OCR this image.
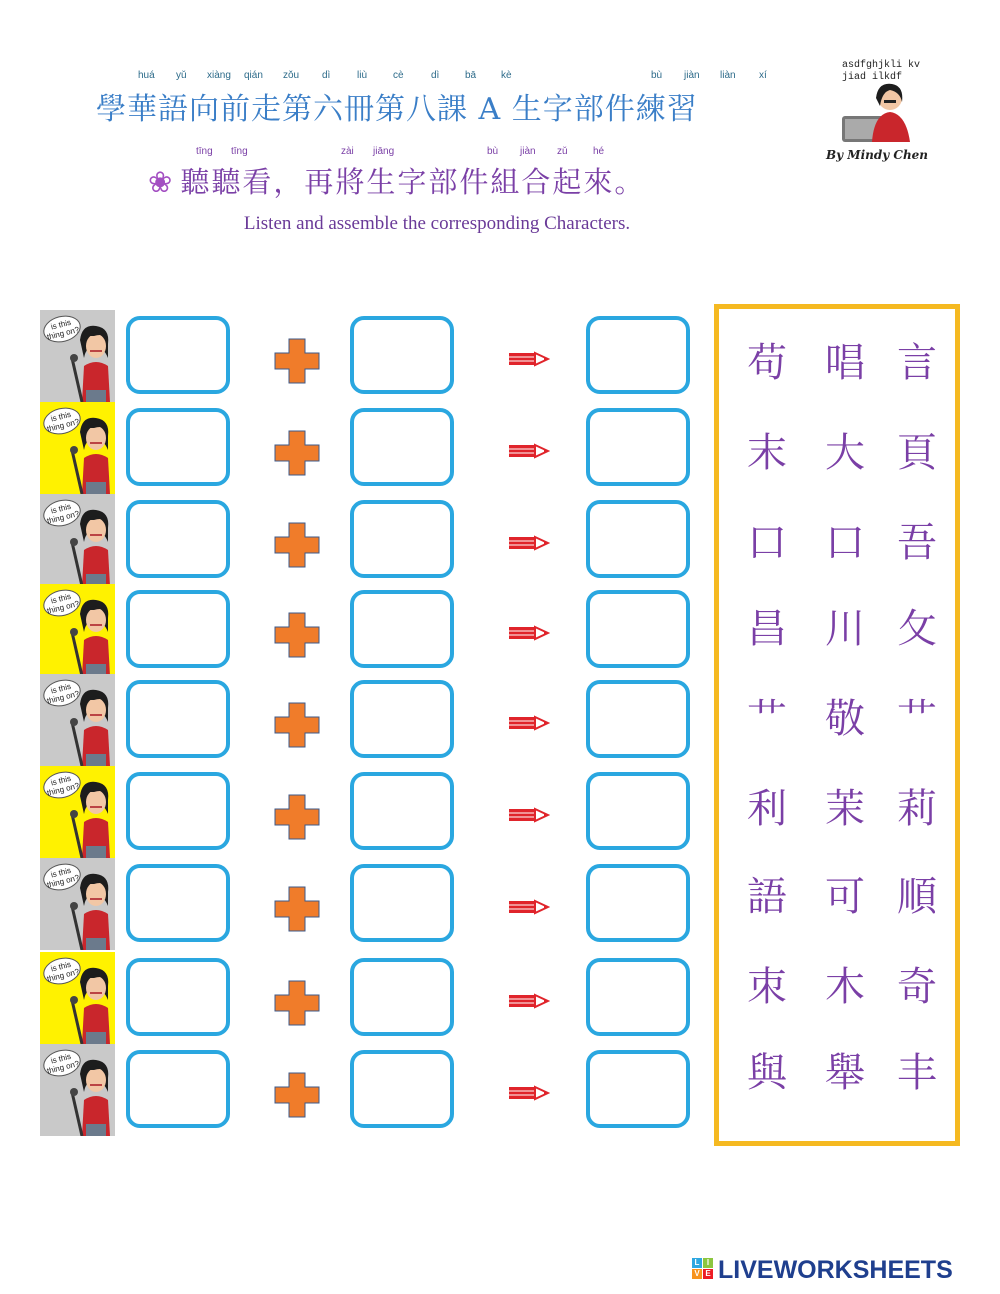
huá yǔ xiàng qián zǒu dì	liù	cè	dì	bā kè	bù jiàn liàn xí
學華語向前走第六冊第八課 A 生字部件練習
tīng tīng	zài jiāng	bù jiàn zǔ	hé
❀ 聽聽看，再將生字部件組合起來。
Listen and assemble the corresponding Characters.
asdfghjkli kvjiad ilkdf
By Mindy Chen
is this thing on?
is this thing on?
is this thing on?
is this thing on?
is this thing on?
is this thing on?
is this thing on?
is this thing on?
is this thing on?
苟 唱 言
末 大 頁
口 口 吾
昌 川 攵
艹 敬 艹
利 茉 莉
語 可 順
朿 木 奇
與 舉 丰
L I
V E LIVEWORKSHEETS
